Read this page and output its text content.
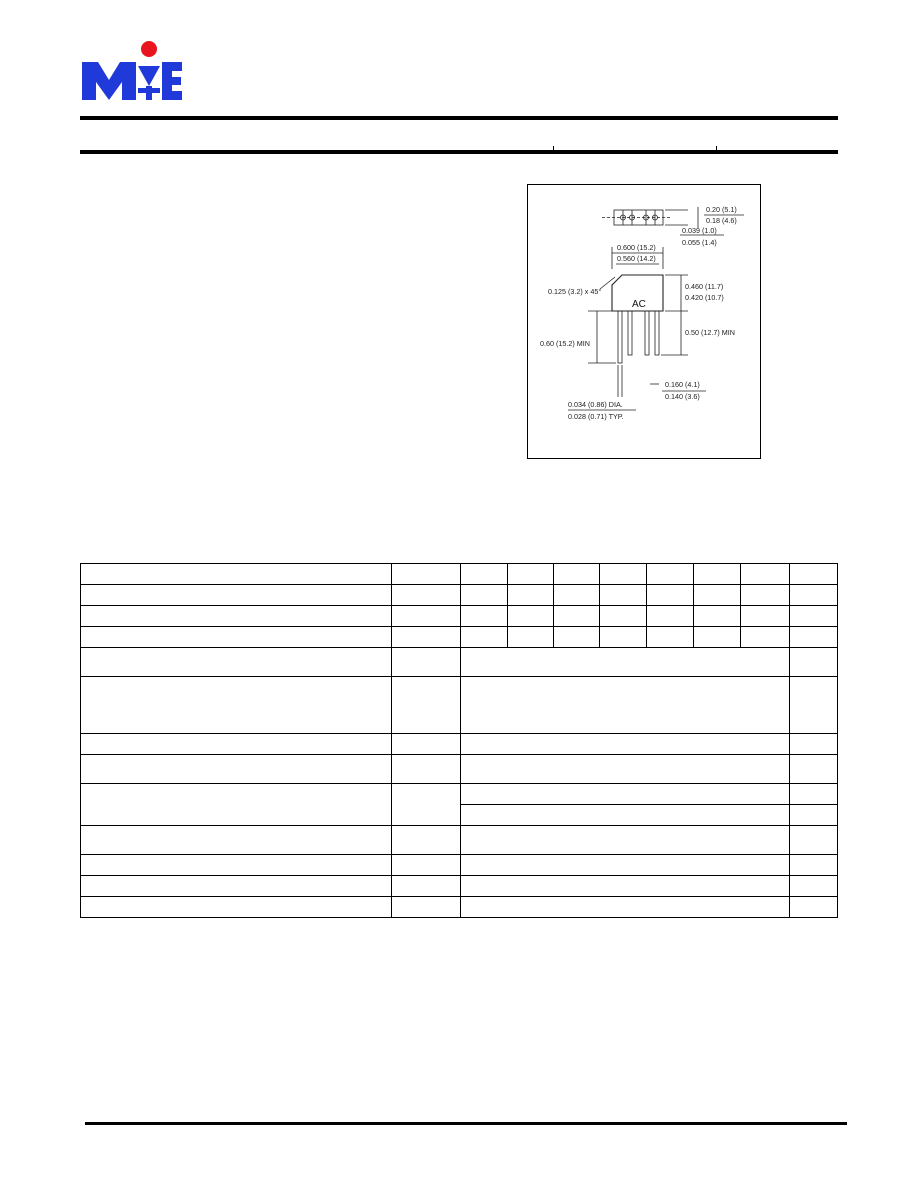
0.20 (5.1)
0.18 (4.6)
0.039 (1.0)
0.055 (1.4)
0.600 (15.2)
0.560 (14.2)
0.125 (3.2) x 45°
0.460 (11.7)
0.420 (10.7)
0.50 (12.7) MIN
0.60 (15.2) MIN
0.160 (4.1)
0.140 (3.6)
0.034 (0.86) DIA.
0.028 (0.71) TYP.
AC
